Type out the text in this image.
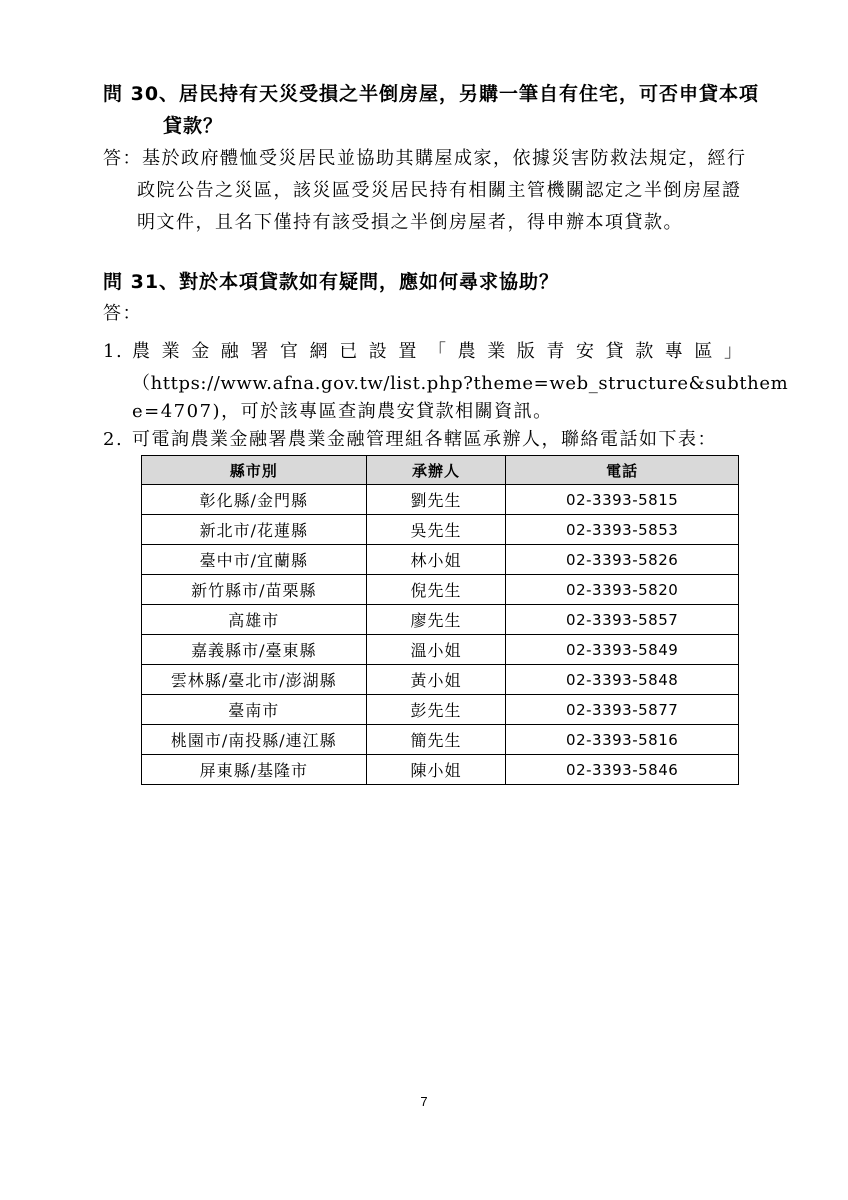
問 30、居民持有天災受損之半倒房屋，另購一筆自有住宅，可否申貸本項
貸款？
答：基於政府體恤受災居民並協助其購屋成家，依據災害防救法規定，經行
政院公告之災區，該災區受災居民持有相關主管機關認定之半倒房屋證
明文件，且名下僅持有該受損之半倒房屋者，得申辦本項貸款。
問 31、對於本項貸款如有疑問，應如何尋求協助？
答：
1. 農業金融署官網已設置「農業版青安貸款專區」
（https://www.afna.gov.tw/list.php?theme=web_structure&subthem
e=4707)，可於該專區查詢農安貸款相關資訊。
2. 可電詢農業金融署農業金融管理組各轄區承辦人，聯絡電話如下表：
縣市別	承辦人	電話
彰化縣/金門縣	劉先生	02-3393-5815
新北市/花蓮縣	吳先生	02-3393-5853
臺中市/宜蘭縣	林小姐	02-3393-5826
新竹縣市/苗栗縣	倪先生	02-3393-5820
高雄市	廖先生	02-3393-5857
嘉義縣市/臺東縣	溫小姐	02-3393-5849
雲林縣/臺北市/澎湖縣	黃小姐	02-3393-5848
臺南市	彭先生	02-3393-5877
桃園市/南投縣/連江縣	簡先生	02-3393-5816
屏東縣/基隆市	陳小姐	02-3393-5846
7
